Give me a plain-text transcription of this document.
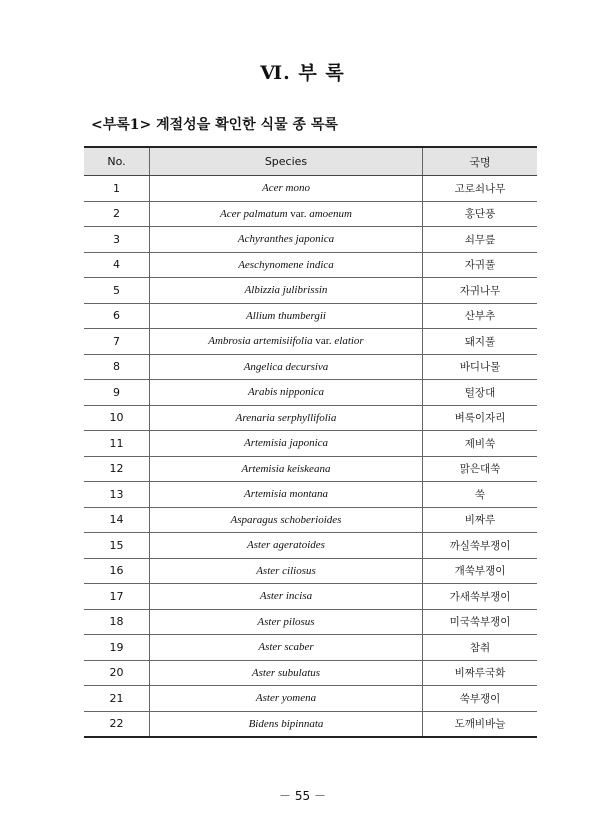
Ⅵ. 부 록
<부록1> 계절성을 확인한 식물 종 목록
No.	Species	국명
1	Acer mono	고로쇠나무
2	Acer palmatum var. amoenum	홍단풍
3	Achyranthes japonica	쇠무릎
4	Aeschynomene indica	자귀풀
5	Albizzia julibrissin	자귀나무
6	Allium thumbergii	산부추
7	Ambrosia artemisiifolia var. elatior	돼지풀
8	Angelica decursiva	바디나물
9	Arabis nipponica	털장대
10	Arenaria serphyllifolia	벼룩이자리
11	Artemisia japonica	제비쑥
12	Artemisia keiskeana	맑은대쑥
13	Artemisia montana	쑥
14	Asparagus schoberioides	비짜루
15	Aster ageratoides	까실쑥부쟁이
16	Aster ciliosus	개쑥부쟁이
17	Aster incisa	가새쑥부쟁이
18	Aster pilosus	미국쑥부쟁이
19	Aster scaber	참취
20	Aster subulatus	비짜루국화
21	Aster yomena	쑥부쟁이
22	Bidens bipinnata	도깨비바늘
－ 55 －
